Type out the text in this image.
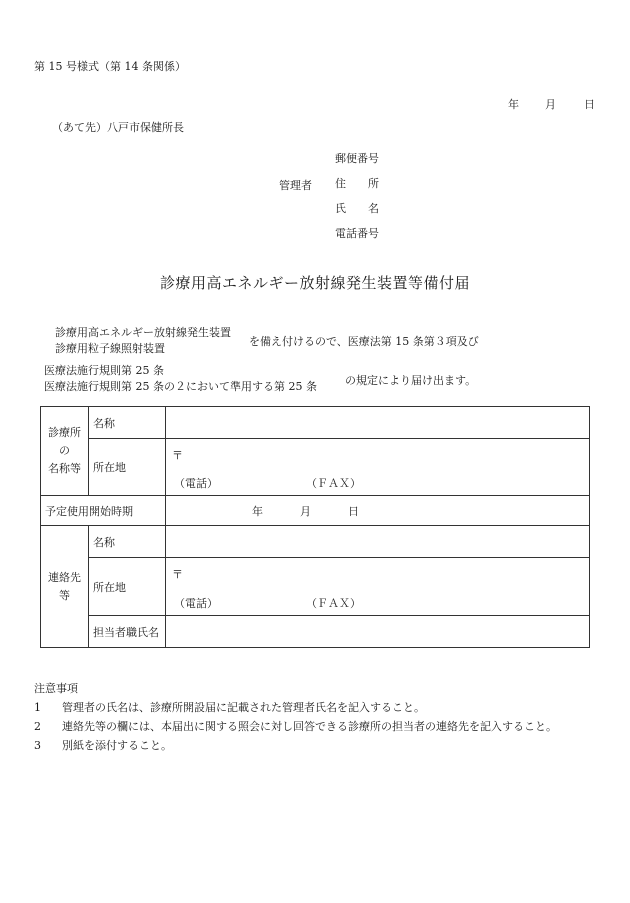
第 15 号様式（第 14 条関係）
年 月	日
（あて先）八戸市保健所長
管理者
郵便番号
住　　所
氏　　名
電話番号
診療用高エネルギー放射線発生装置等備付届
診療用高エネルギー放射線発生装置
診療用粒子線照射装置
を備え付けるので、医療法第 15 条第３項及び
医療法施行規則第 25 条
医療法施行規則第 25 条の２において準用する第 25 条	の規定により届け出ます。
診療所の
名称等	名称	
	所在地	〒
（電話） （ＦＡＸ）

予定使用開始時期		年 月 日
連絡先等	名称	
	所在地	〒
（電話） （ＦＡＸ）

	担当者職氏名	
注意事項
1 管理者の氏名は、診療所開設届に記載された管理者氏名を記入すること。
2 連絡先等の欄には、本届出に関する照会に対し回答できる診療所の担当者の連絡先を記入すること。
3 別紙を添付すること。
